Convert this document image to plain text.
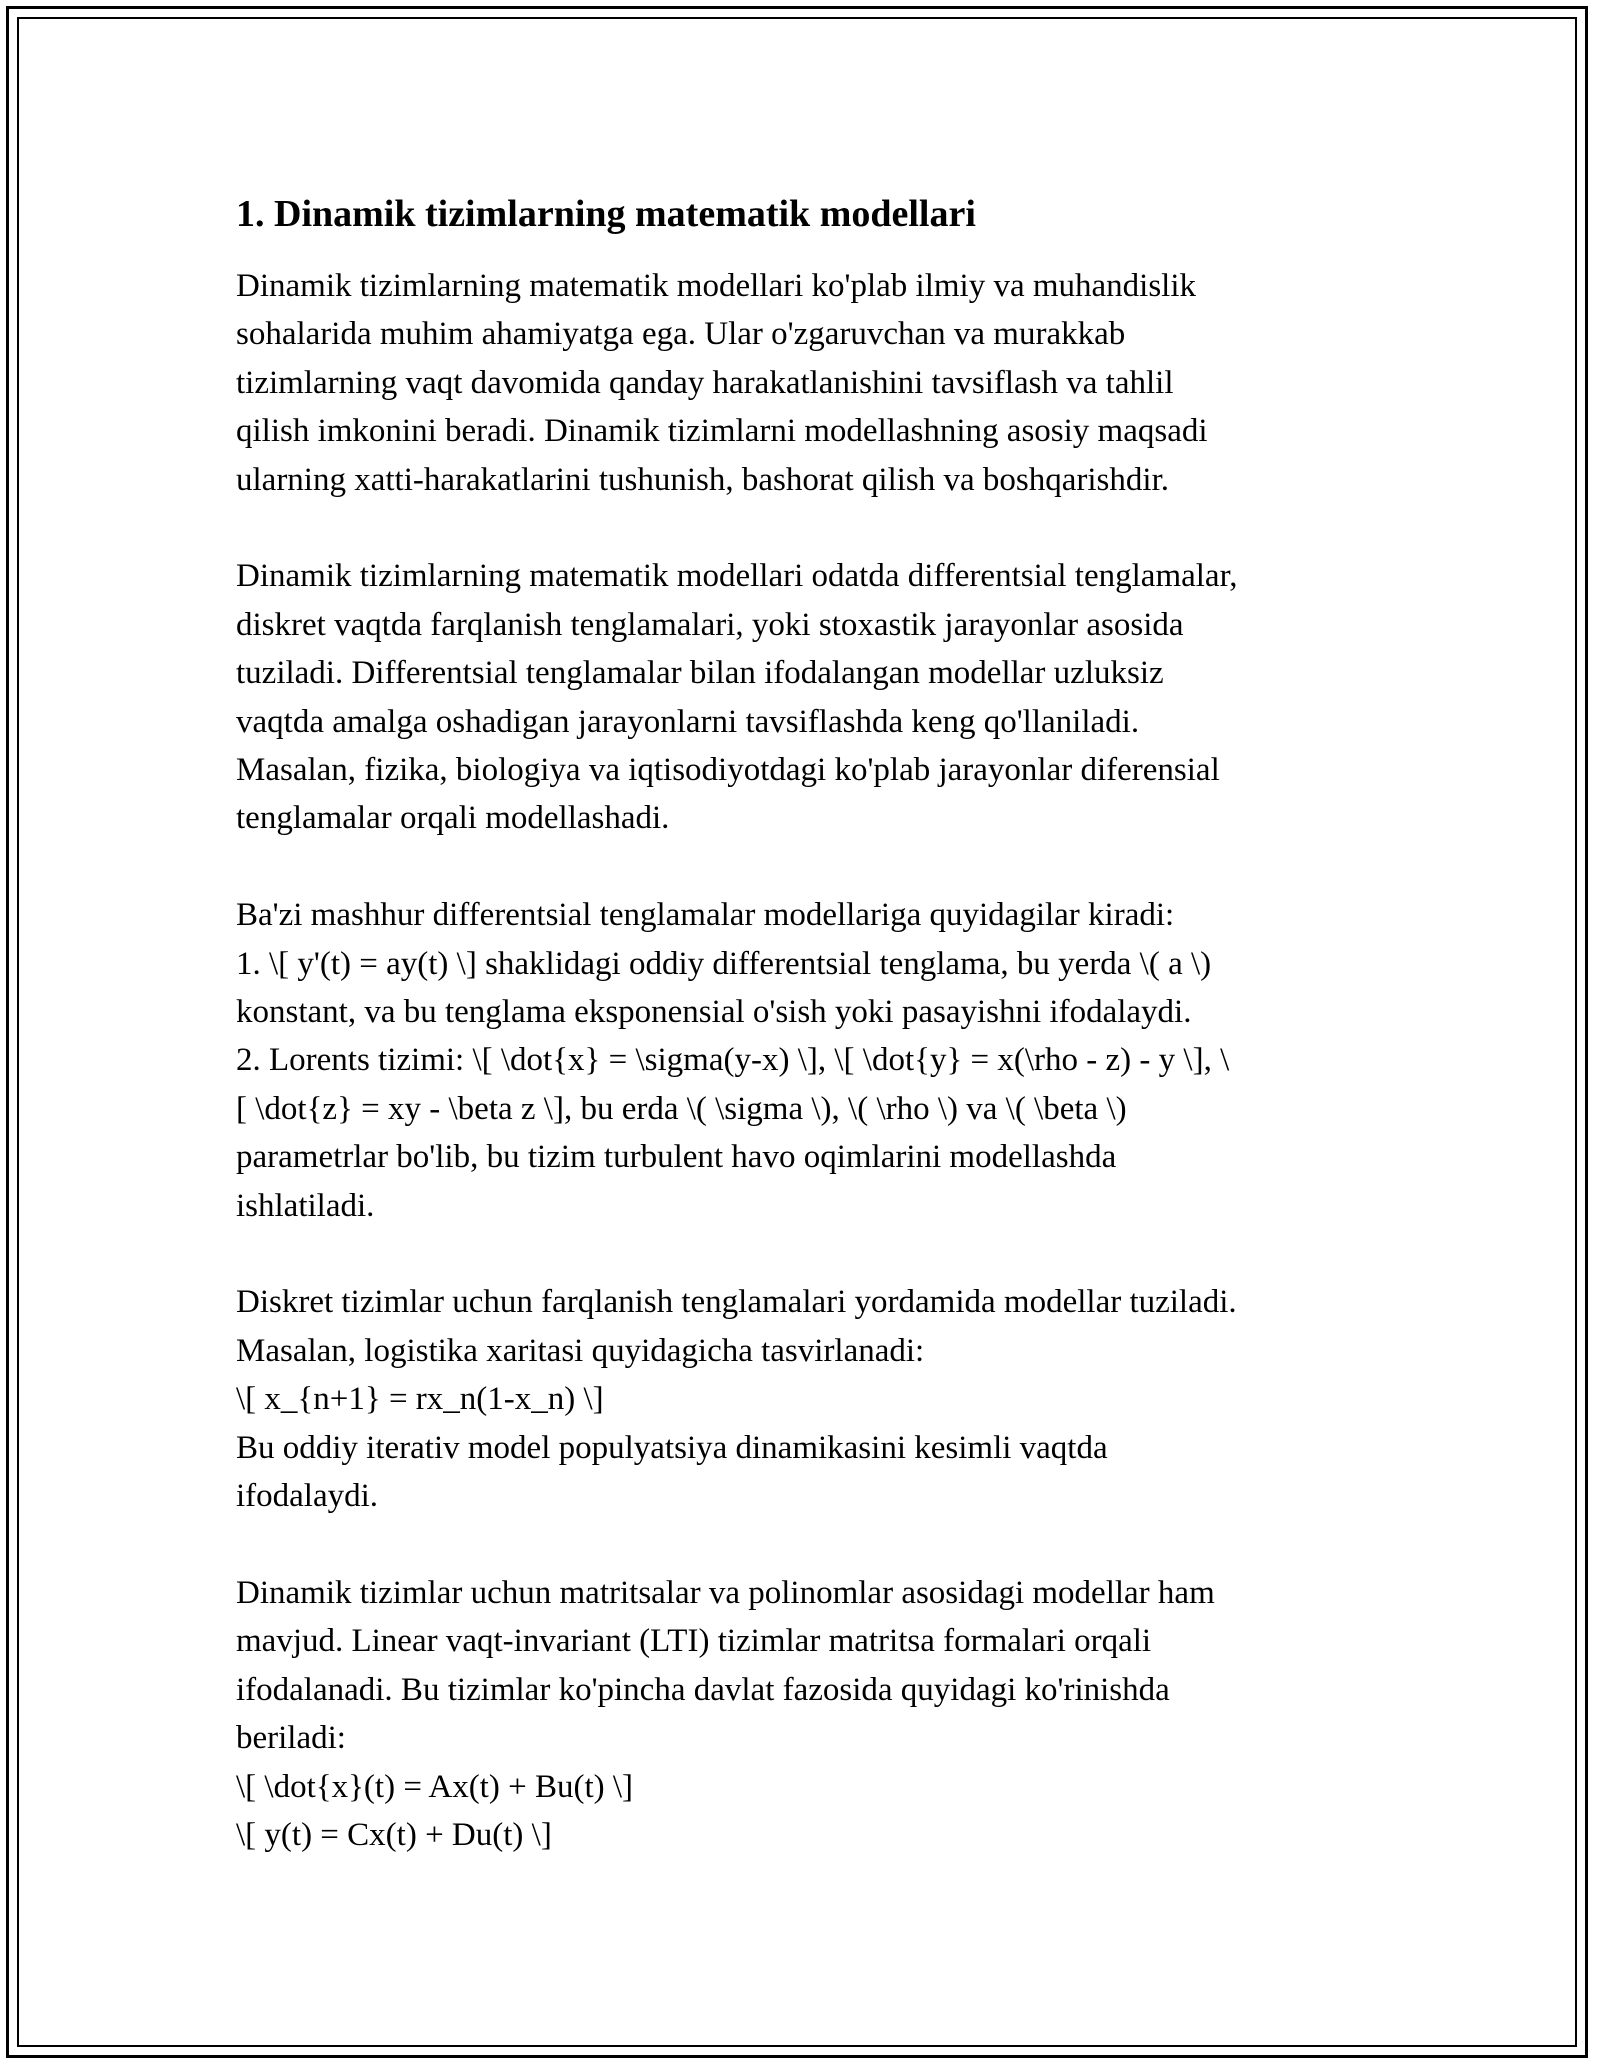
1. Dinamik tizimlarning matematik modellari
Dinamik tizimlarning matematik modellari ko'plab ilmiy va muhandislik
sohalarida muhim ahamiyatga ega. Ular o'zgaruvchan va murakkab
tizimlarning vaqt davomida qanday harakatlanishini tavsiflash va tahlil
qilish imkonini beradi. Dinamik tizimlarni modellashning asosiy maqsadi
ularning xatti-harakatlarini tushunish, bashorat qilish va boshqarishdir.
Dinamik tizimlarning matematik modellari odatda differentsial tenglamalar,
diskret vaqtda farqlanish tenglamalari, yoki stoxastik jarayonlar asosida
tuziladi. Differentsial tenglamalar bilan ifodalangan modellar uzluksiz
vaqtda amalga oshadigan jarayonlarni tavsiflashda keng qo'llaniladi.
Masalan, fizika, biologiya va iqtisodiyotdagi ko'plab jarayonlar diferensial
tenglamalar orqali modellashadi.
Ba'zi mashhur differentsial tenglamalar modellariga quyidagilar kiradi:
1. \[ y'(t) = ay(t) \] shaklidagi oddiy differentsial tenglama, bu yerda \( a \)
konstant, va bu tenglama eksponensial o'sish yoki pasayishni ifodalaydi.
2. Lorents tizimi: \[ \dot{x} = \sigma(y-x) \], \[ \dot{y} = x(\rho - z) - y \], \
[ \dot{z} = xy - \beta z \], bu erda \( \sigma \), \( \rho \) va \( \beta \)
parametrlar bo'lib, bu tizim turbulent havo oqimlarini modellashda
ishlatiladi.
Diskret tizimlar uchun farqlanish tenglamalari yordamida modellar tuziladi.
Masalan, logistika xaritasi quyidagicha tasvirlanadi:
\[ x_{n+1} = rx_n(1-x_n) \]
Bu oddiy iterativ model populyatsiya dinamikasini kesimli vaqtda
ifodalaydi.
Dinamik tizimlar uchun matritsalar va polinomlar asosidagi modellar ham
mavjud. Linear vaqt-invariant (LTI) tizimlar matritsa formalari orqali
ifodalanadi. Bu tizimlar ko'pincha davlat fazosida quyidagi ko'rinishda
beriladi:
\[ \dot{x}(t) = Ax(t) + Bu(t) \]
\[ y(t) = Cx(t) + Du(t) \]
